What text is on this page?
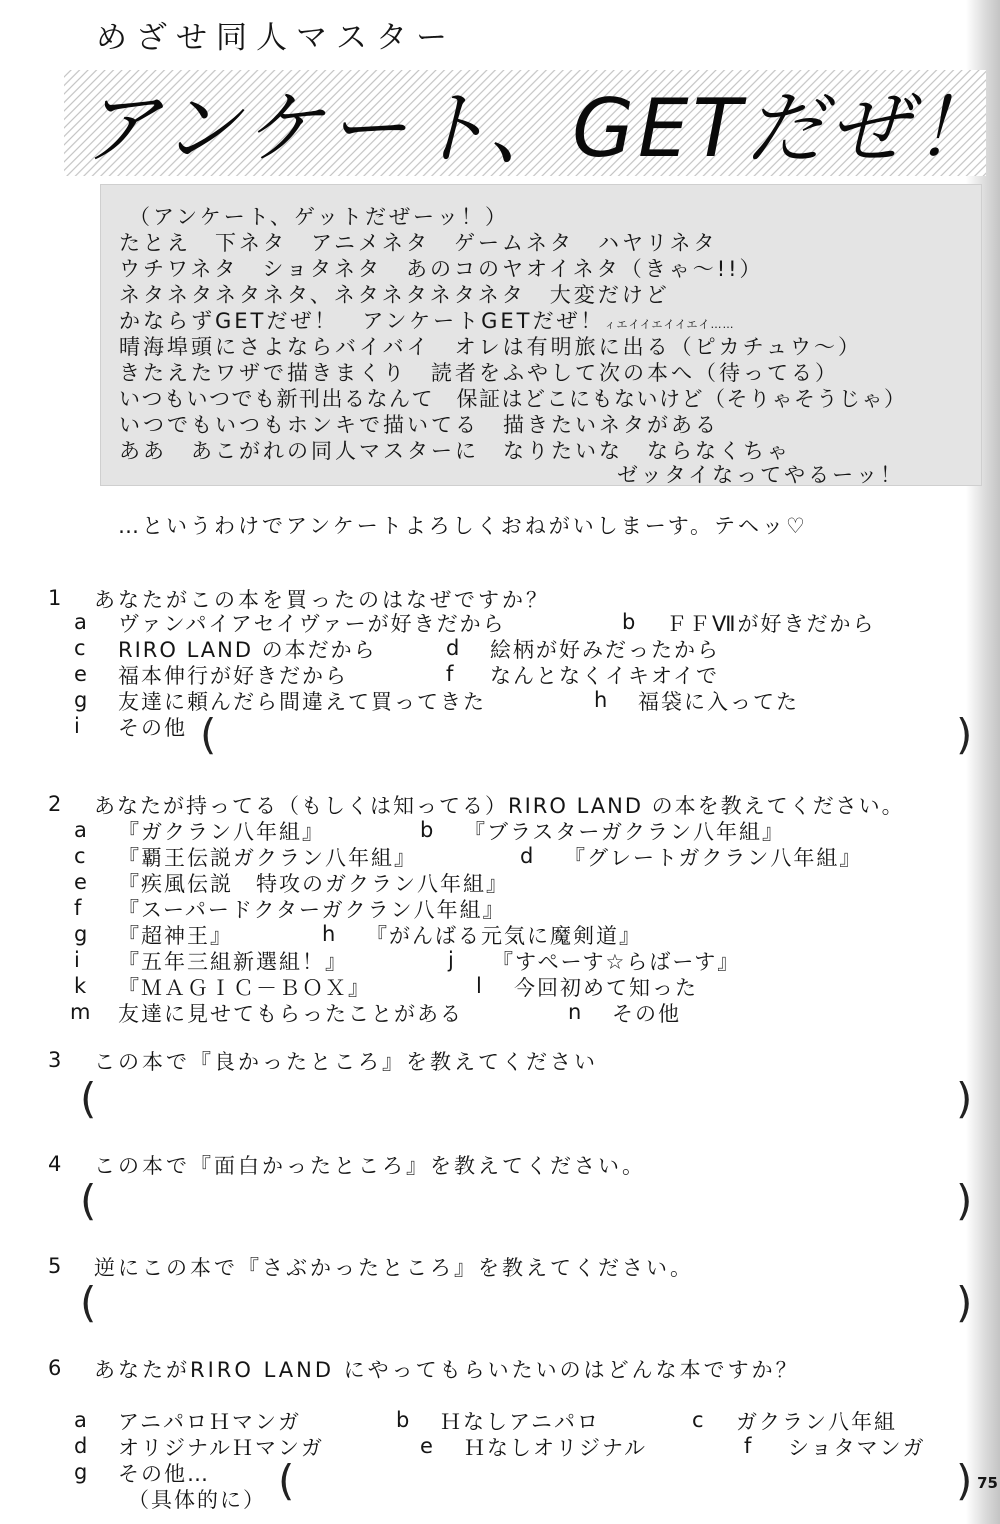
めざせ同人マスター
アンケート、GETだぜ！
（アンケート、ゲットだぜーッ！）
たとえ　下ネタ　アニメネタ　ゲームネタ　ハヤリネタ
ウチワネタ　ショタネタ　あのコのヤオイネタ（きゃ〜!!）
ネタネタネタネタ、ネタネタネタネタ　大変だけど
かならずGETだぜ！　アンケートGETだぜ！ィエイイエイイエイ……
晴海埠頭にさよならバイバイ　オレは有明旅に出る（ピカチュウ〜）
きたえたワザで描きまくり　読者をふやして次の本へ（待ってる）
いつもいつでも新刊出るなんて　保証はどこにもないけど（そりゃそうじゃ）
いつでもいつもホンキで描いてる　描きたいネタがある
ああ　あこがれの同人マスターに　なりたいな　ならなくちゃ
ゼッタイなってやるーッ！
…というわけでアンケートよろしくおねがいしまーす。テヘッ♡
1 あなたがこの本を買ったのはなぜですか？
a ヴァンパイアセイヴァーが好きだから	b ＦＦⅦが好きだから
c RIRO LAND の本だから	d 絵柄が好みだったから
e 福本伸行が好きだから	f なんとなくイキオイで
g 友達に頼んだら間違えて買ってきた	h 福袋に入ってた
i その他 (	)
2 あなたが持ってる（もしくは知ってる）RIRO LAND の本を教えてください。
a 『ガクラン八年組』	b 『ブラスターガクラン八年組』
c 『覇王伝説ガクラン八年組』	d 『グレートガクラン八年組』
e 『疾風伝説　特攻のガクラン八年組』
f 『スーパードクターガクラン八年組』
g 『超神王』	h 『がんばる元気に魔剣道』
i 『五年三組新選組！』	j 『すぺーす☆らばーす』
k 『ＭＡＧＩＣ－ＢＯＸ』	l 今回初めて知った
m 友達に見せてもらったことがある	n その他
3 この本で『良かったところ』を教えてください
(	)
4 この本で『面白かったところ』を教えてください。
(	)
5 逆にこの本で『さぶかったところ』を教えてください。
(	)
6 あなたがRIRO LAND にやってもらいたいのはどんな本ですか？
a アニパロＨマンガ	b Ｈなしアニパロ	c ガクラン八年組
d オリジナルＨマンガ	e Ｈなしオリジナル	f ショタマンガ
g その他… (	)
（具体的に）
75
